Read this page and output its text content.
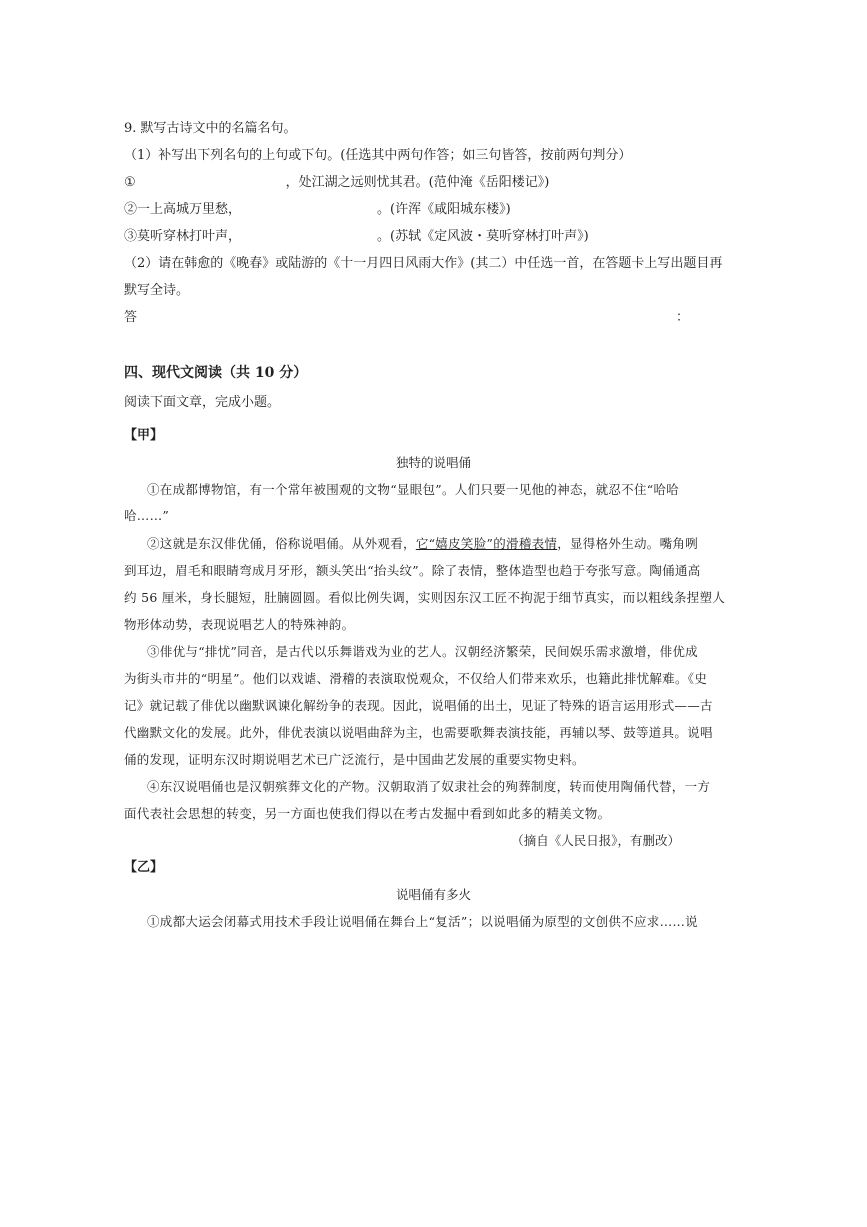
9. 默写古诗文中的名篇名句。
（1）补写出下列名句的上句或下句。(任选其中两句作答；如三句皆答，按前两句判分）
①	，处江湖之远则忧其君。(范仲淹《岳阳楼记》)
②一上高城万里愁，	。(许浑《咸阳城东楼》)
③莫听穿林打叶声，	。(苏轼《定风波・莫听穿林打叶声》)
（2）请在韩愈的《晚春》或陆游的《十一月四日风雨大作》(其二）中任选一首，在答题卡上写出题目再
默写全诗。
答	：
四、现代文阅读（共 10 分）
阅读下面文章，完成小题。
【甲】
独特的说唱俑
①在成都博物馆，有一个常年被围观的文物“显眼包”。人们只要一见他的神态，就忍不住“哈哈
哈……”
②这就是东汉俳优俑，俗称说唱俑。从外观看，它“嬉皮笑脸”的滑稽表情，显得格外生动。嘴角咧
到耳边，眉毛和眼睛弯成月牙形，额头笑出“抬头纹”。除了表情，整体造型也趋于夸张写意。陶俑通高
约 56 厘米，身长腿短，肚腩圆圆。看似比例失调，实则因东汉工匠不拘泥于细节真实，而以粗线条捏塑人
物形体动势，表现说唱艺人的特殊神韵。
③俳优与“排忧”同音，是古代以乐舞谐戏为业的艺人。汉朝经济繁荣，民间娱乐需求激增，俳优成
为街头市井的“明星”。他们以戏谑、滑稽的表演取悦观众，不仅给人们带来欢乐，也籍此排忧解难。《史
记》就记载了俳优以幽默讽谏化解纷争的表现。因此，说唱俑的出土，见证了特殊的语言运用形式——古
代幽默文化的发展。此外，俳优表演以说唱曲辞为主，也需要歌舞表演技能，再辅以琴、鼓等道具。说唱
俑的发现，证明东汉时期说唱艺术已广泛流行，是中国曲艺发展的重要实物史料。
④东汉说唱俑也是汉朝殡葬文化的产物。汉朝取消了奴隶社会的殉葬制度，转而使用陶俑代替，一方
面代表社会思想的转变，另一方面也使我们得以在考古发掘中看到如此多的精美文物。
（摘自《人民日报》，有删改）
【乙】
说唱俑有多火
①成都大运会闭幕式用技术手段让说唱俑在舞台上“复活”；以说唱俑为原型的文创供不应求……说
